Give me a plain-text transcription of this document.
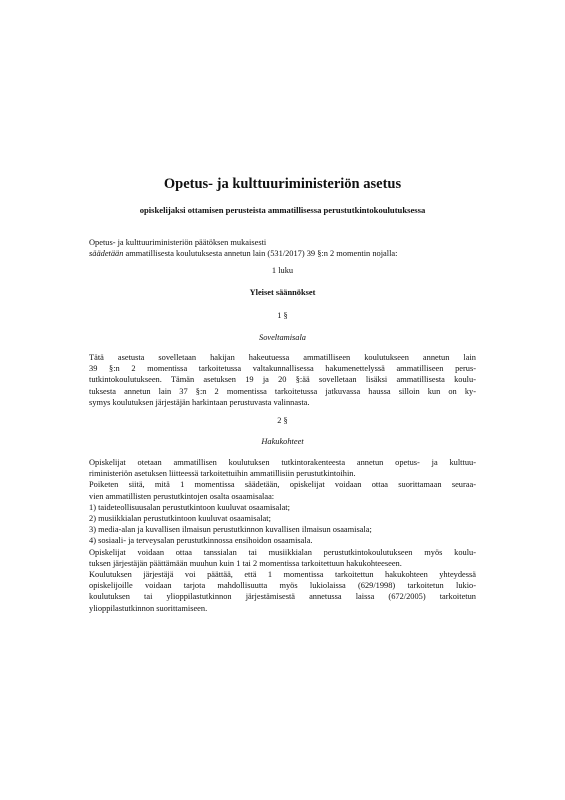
Opetus- ja kulttuuriministeriön asetus
opiskelijaksi ottamisen perusteista ammatillisessa perustutkintokoulutuksessa
Opetus- ja kulttuuriministeriön päätöksen mukaisesti
säädetään ammatillisesta koulutuksesta annetun lain (531/2017) 39 §:n 2 momentin nojalla:
1 luku
Yleiset säännökset
1 §
Soveltamisala
Tätä asetusta sovelletaan hakijan hakeutuessa ammatilliseen koulutukseen annetun lain
39 §:n 2 momentissa tarkoitetussa valtakunnallisessa hakumenettelyssä ammatilliseen perus-
tutkintokoulutukseen. Tämän asetuksen 19 ja 20 §:ää sovelletaan lisäksi ammatillisesta koulu-
tuksesta annetun lain 37 §:n 2 momentissa tarkoitetussa jatkuvassa haussa silloin kun on ky-
symys koulutuksen järjestäjän harkintaan perustuvasta valinnasta.
2 §
Hakukohteet
Opiskelijat otetaan ammatillisen koulutuksen tutkintorakenteesta annetun opetus- ja kulttuu-
riministeriön asetuksen liitteessä tarkoitettuihin ammatillisiin perustutkintoihin.
Poiketen siitä, mitä 1 momentissa säädetään, opiskelijat voidaan ottaa suorittamaan seuraa-
vien ammatillisten perustutkintojen osalta osaamisalaa:
1) taideteollisuusalan perustutkintoon kuuluvat osaamisalat;
2) musiikkialan perustutkintoon kuuluvat osaamisalat;
3) media-alan ja kuvallisen ilmaisun perustutkinnon kuvallisen ilmaisun osaamisala;
4) sosiaali- ja terveysalan perustutkinnossa ensihoidon osaamisala.
Opiskelijat voidaan ottaa tanssialan tai musiikkialan perustutkintokoulutukseen myös koulu-
tuksen järjestäjän päättämään muuhun kuin 1 tai 2 momentissa tarkoitettuun hakukohteeseen.
Koulutuksen järjestäjä voi päättää, että 1 momentissa tarkoitettun hakukohteen yhteydessä
opiskelijoille voidaan tarjota mahdollisuutta myös lukiolaissa (629/1998) tarkoitetun lukio-
koulutuksen tai ylioppilastutkinnon järjestämisestä annetussa laissa (672/2005) tarkoitetun
ylioppilastutkinnon suorittamiseen.
